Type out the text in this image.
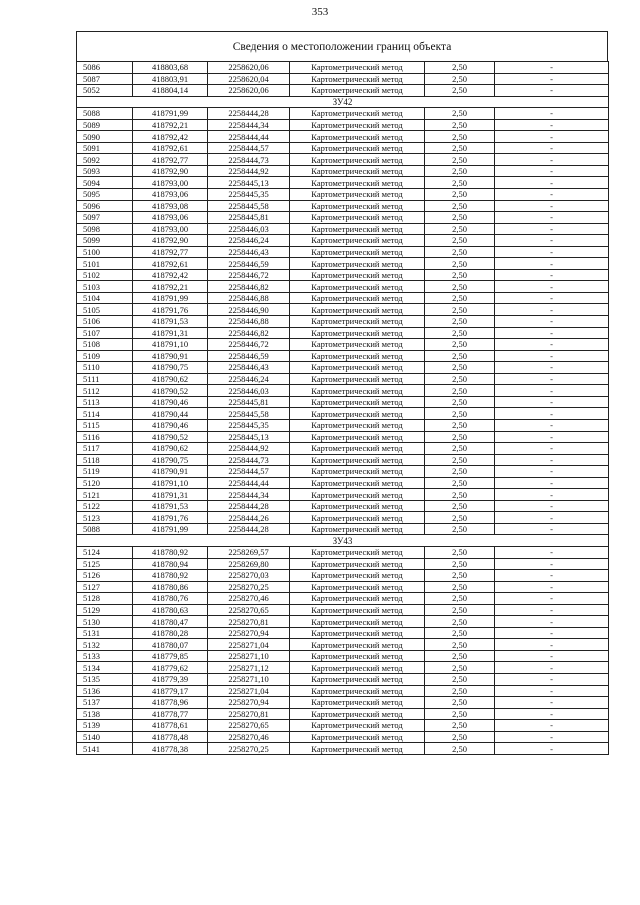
353
Сведения о местоположении границ объекта
5086	418803,68	2258620,06	Картометрический метод	2,50	-
5087	418803,91	2258620,04	Картометрический метод	2,50	-
5052	418804,14	2258620,06	Картометрический метод	2,50	-
ЗУ42					
5088	418791,99	2258444,28	Картометрический метод	2,50	-
5089	418792,21	2258444,34	Картометрический метод	2,50	-
5090	418792,42	2258444,44	Картометрический метод	2,50	-
5091	418792,61	2258444,57	Картометрический метод	2,50	-
5092	418792,77	2258444,73	Картометрический метод	2,50	-
5093	418792,90	2258444,92	Картометрический метод	2,50	-
5094	418793,00	2258445,13	Картометрический метод	2,50	-
5095	418793,06	2258445,35	Картометрический метод	2,50	-
5096	418793,08	2258445,58	Картометрический метод	2,50	-
5097	418793,06	2258445,81	Картометрический метод	2,50	-
5098	418793,00	2258446,03	Картометрический метод	2,50	-
5099	418792,90	2258446,24	Картометрический метод	2,50	-
5100	418792,77	2258446,43	Картометрический метод	2,50	-
5101	418792,61	2258446,59	Картометрический метод	2,50	-
5102	418792,42	2258446,72	Картометрический метод	2,50	-
5103	418792,21	2258446,82	Картометрический метод	2,50	-
5104	418791,99	2258446,88	Картометрический метод	2,50	-
5105	418791,76	2258446,90	Картометрический метод	2,50	-
5106	418791,53	2258446,88	Картометрический метод	2,50	-
5107	418791,31	2258446,82	Картометрический метод	2,50	-
5108	418791,10	2258446,72	Картометрический метод	2,50	-
5109	418790,91	2258446,59	Картометрический метод	2,50	-
5110	418790,75	2258446,43	Картометрический метод	2,50	-
5111	418790,62	2258446,24	Картометрический метод	2,50	-
5112	418790,52	2258446,03	Картометрический метод	2,50	-
5113	418790,46	2258445,81	Картометрический метод	2,50	-
5114	418790,44	2258445,58	Картометрический метод	2,50	-
5115	418790,46	2258445,35	Картометрический метод	2,50	-
5116	418790,52	2258445,13	Картометрический метод	2,50	-
5117	418790,62	2258444,92	Картометрический метод	2,50	-
5118	418790,75	2258444,73	Картометрический метод	2,50	-
5119	418790,91	2258444,57	Картометрический метод	2,50	-
5120	418791,10	2258444,44	Картометрический метод	2,50	-
5121	418791,31	2258444,34	Картометрический метод	2,50	-
5122	418791,53	2258444,28	Картометрический метод	2,50	-
5123	418791,76	2258444,26	Картометрический метод	2,50	-
5088	418791,99	2258444,28	Картометрический метод	2,50	-
ЗУ43					
5124	418780,92	2258269,57	Картометрический метод	2,50	-
5125	418780,94	2258269,80	Картометрический метод	2,50	-
5126	418780,92	2258270,03	Картометрический метод	2,50	-
5127	418780,86	2258270,25	Картометрический метод	2,50	-
5128	418780,76	2258270,46	Картометрический метод	2,50	-
5129	418780,63	2258270,65	Картометрический метод	2,50	-
5130	418780,47	2258270,81	Картометрический метод	2,50	-
5131	418780,28	2258270,94	Картометрический метод	2,50	-
5132	418780,07	2258271,04	Картометрический метод	2,50	-
5133	418779,85	2258271,10	Картометрический метод	2,50	-
5134	418779,62	2258271,12	Картометрический метод	2,50	-
5135	418779,39	2258271,10	Картометрический метод	2,50	-
5136	418779,17	2258271,04	Картометрический метод	2,50	-
5137	418778,96	2258270,94	Картометрический метод	2,50	-
5138	418778,77	2258270,81	Картометрический метод	2,50	-
5139	418778,61	2258270,65	Картометрический метод	2,50	-
5140	418778,48	2258270,46	Картометрический метод	2,50	-
5141	418778,38	2258270,25	Картометрический метод	2,50	-
